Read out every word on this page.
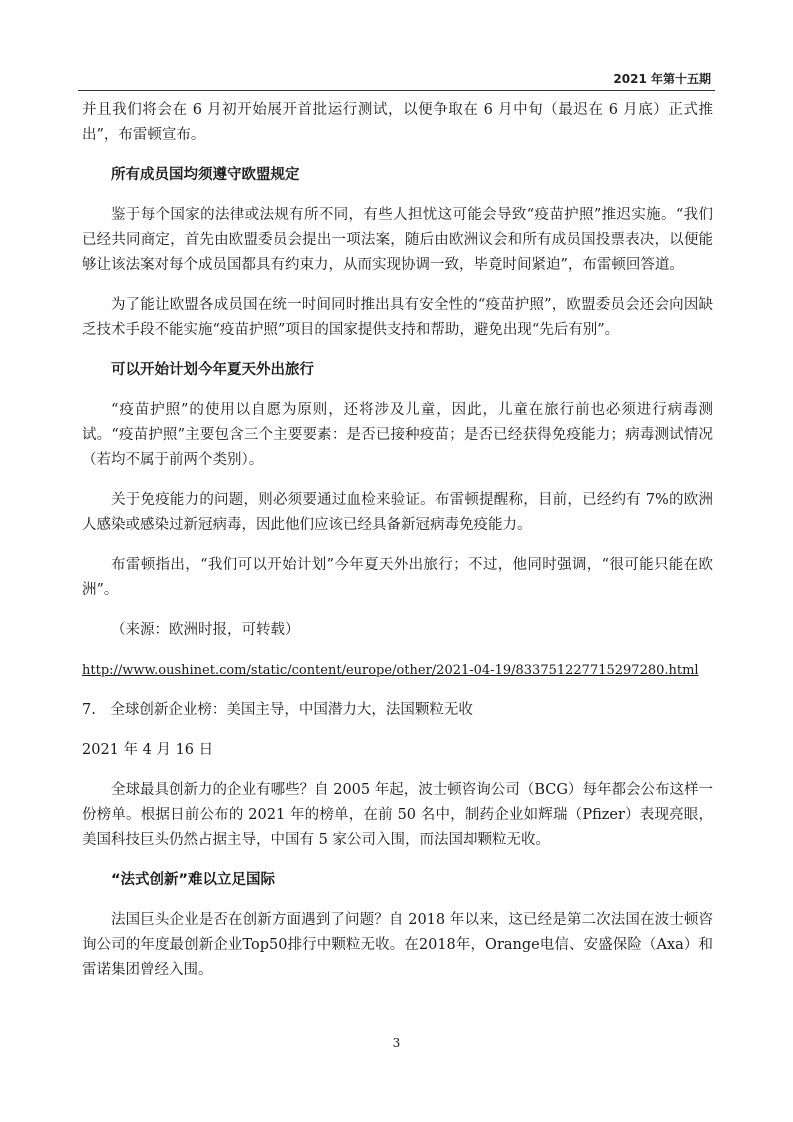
2021 年第十五期

并且我们将会在 6 月初开始展开首批运行测试，以便争取在 6 月中旬（最迟在 6 月底）正式推出”，布雷顿宣布。

所有成员国均须遵守欧盟规定

鉴于每个国家的法律或法规有所不同，有些人担忧这可能会导致“疫苗护照”推迟实施。“我们已经共同商定，首先由欧盟委员会提出一项法案，随后由欧洲议会和所有成员国投票表决，以便能够让该法案对每个成员国都具有约束力，从而实现协调一致，毕竟时间紧迫”，布雷顿回答道。

为了能让欧盟各成员国在统一时间同时推出具有安全性的“疫苗护照”，欧盟委员会还会向因缺乏技术手段不能实施“疫苗护照”项目的国家提供支持和帮助，避免出现“先后有别”。

可以开始计划今年夏天外出旅行

“疫苗护照”的使用以自愿为原则，还将涉及儿童，因此，儿童在旅行前也必须进行病毒测试。“疫苗护照”主要包含三个主要要素：是否已接种疫苗；是否已经获得免疫能力；病毒测试情况（若均不属于前两个类别）。

关于免疫能力的问题，则必须要通过血检来验证。布雷顿提醒称，目前，已经约有 7%的欧洲人感染或感染过新冠病毒，因此他们应该已经具备新冠病毒免疫能力。

布雷顿指出，“我们可以开始计划”今年夏天外出旅行；不过，他同时强调，“很可能只能在欧洲”。

（来源：欧洲时报，可转载）

http://www.oushinet.com/static/content/europe/other/2021-04-19/833751227715297280.html

7.　全球创新企业榜：美国主导，中国潜力大，法国颗粒无收

2021 年 4 月 16 日

全球最具创新力的企业有哪些？自 2005 年起，波士顿咨询公司（BCG）每年都会公布这样一份榜单。根据日前公布的 2021 年的榜单，在前 50 名中，制药企业如辉瑞（Pfizer）表现亮眼，美国科技巨头仍然占据主导，中国有 5 家公司入围，而法国却颗粒无收。

“法式创新”难以立足国际

法国巨头企业是否在创新方面遇到了问题？自 2018 年以来，这已经是第二次法国在波士顿咨询公司的年度最创新企业Top50排行中颗粒无收。在2018年，Orange电信、安盛保险（Axa）和雷诺集团曾经入围。

3
